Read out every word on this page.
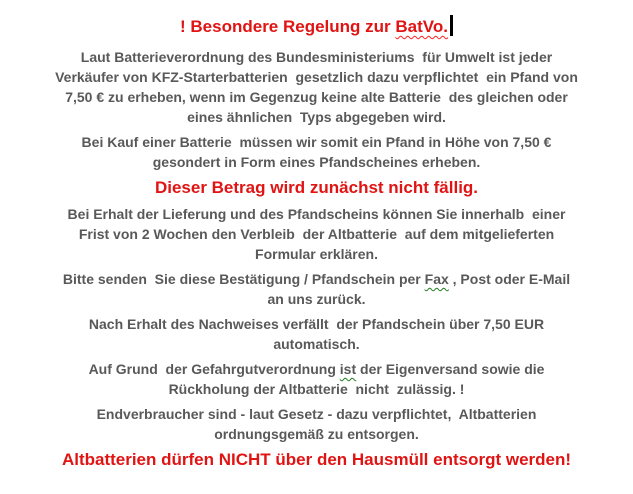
! Besondere Regelung zur BatVo.

Laut Batterieverordnung des Bundesministeriums  für Umwelt ist jeder
Verkäufer von KFZ-Starterbatterien  gesetzlich dazu verpflichtet  ein Pfand von
7,50 € zu erheben, wenn im Gegenzug keine alte Batterie  des gleichen oder
eines ähnlichen  Typs abgegeben wird.

Bei Kauf einer Batterie  müssen wir somit ein Pfand in Höhe von 7,50 €
gesondert in Form eines Pfandscheines erheben.

Dieser Betrag wird zunächst nicht fällig.

Bei Erhalt der Lieferung und des Pfandscheins können Sie innerhalb  einer
Frist von 2 Wochen den Verbleib  der Altbatterie  auf dem mitgelieferten
Formular erklären.

Bitte senden  Sie diese Bestätigung / Pfandschein per Fax , Post oder E-Mail
an uns zurück.

Nach Erhalt des Nachweises verfällt  der Pfandschein über 7,50 EUR
automatisch.

Auf Grund  der Gefahrgutverordnung ist der Eigenversand sowie die
Rückholung der Altbatterie  nicht  zulässig. !

Endverbraucher sind - laut Gesetz - dazu verpflichtet,  Altbatterien
ordnungsgemäß zu entsorgen.

Altbatterien dürfen NICHT über den Hausmüll entsorgt werden!
